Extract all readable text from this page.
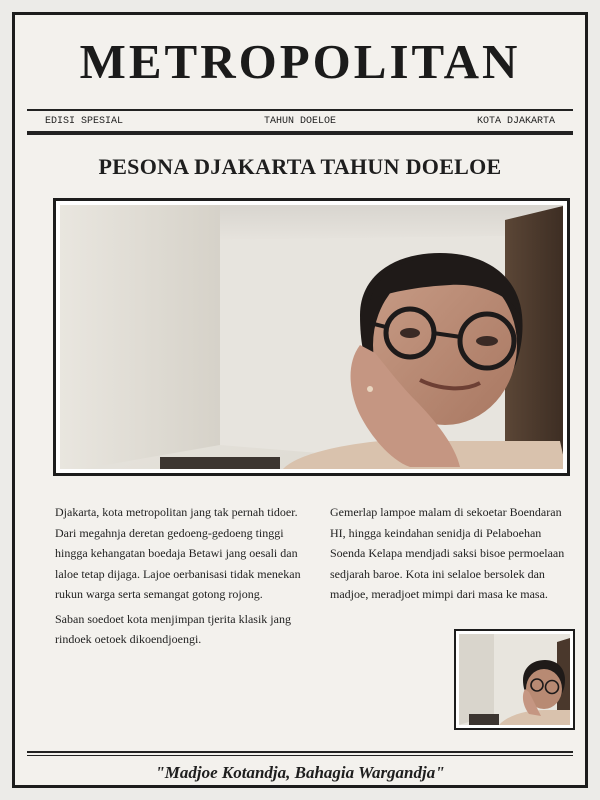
METROPOLITAN
EDISI SPESIAL	TAHUN DOELOE	KOTA DJAKARTA
PESONA DJAKARTA TAHUN DOELOE

Djakarta, kota metropolitan jang tak pernah tidoer. Dari megahnja deretan gedoeng-gedoeng tinggi hingga kehangatan boedaja Betawi jang oesali dan laloe tetap dijaga. Lajoe oerbanisasi tidak menekan rukun warga serta semangat gotong rojong.

Saban soedoet kota menjimpan tjerita klasik jang rindoek oetoek dikoendjoengi.

Gemerlap lampoe malam di sekoetar Boendaran HI, hingga keindahan senidja di Pelaboehan Soenda Kelapa mendjadi saksi bisoe permoelaan sedjarah baroe. Kota ini selaloe bersolek dan madjoe, meradjoet mimpi dari masa ke masa.

"Madjoe Kotandja, Bahagia Wargandja"
